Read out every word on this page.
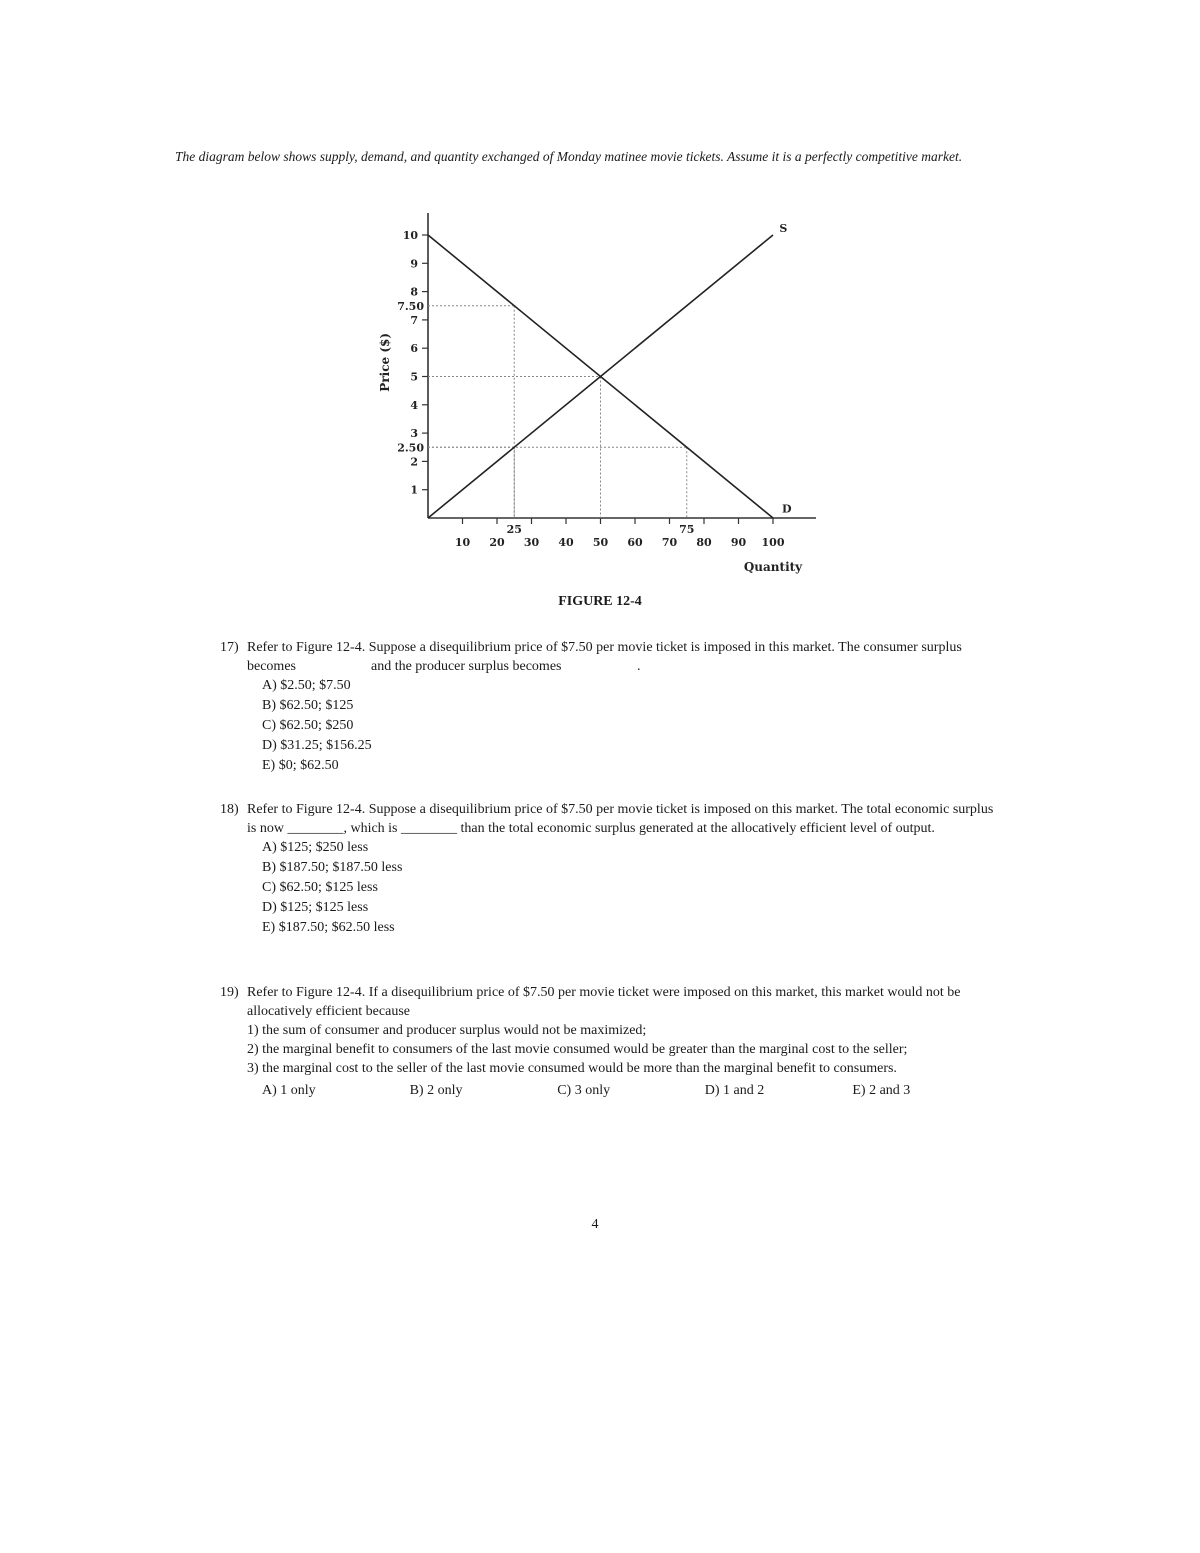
The diagram below shows supply, demand, and quantity exchanged of Monday matinee movie tickets. Assume it is a perfectly competitive market.
S
D
1
2
3
4
5
6
7
8
9
10
2.50
7.50
10 20 30 40 50 60 70 80 90 100
25	75
Quantity
Price ($)
FIGURE 12-4
17) Refer to Figure 12-4. Suppose a disequilibrium price of $7.50 per movie ticket is imposed in this market. The consumer surplus becomes	and the producer surplus becomes	.
A) $2.50; $7.50
B) $62.50; $125
C) $62.50; $250
D) $31.25; $156.25
E) $0; $62.50
18) Refer to Figure 12-4. Suppose a disequilibrium price of $7.50 per movie ticket is imposed on this market. The total economic surplus is now ________, which is ________ than the total economic surplus generated at the allocatively efficient level of output.
A) $125; $250 less
B) $187.50; $187.50 less
C) $62.50; $125 less
D) $125; $125 less
E) $187.50; $62.50 less
19) Refer to Figure 12-4. If a disequilibrium price of $7.50 per movie ticket were imposed on this market, this market would not be allocatively efficient because
1) the sum of consumer and producer surplus would not be maximized;
2) the marginal benefit to consumers of the last movie consumed would be greater than the marginal cost to the seller;
3) the marginal cost to the seller of the last movie consumed would be more than the marginal benefit to consumers.
A) 1 only	B) 2 only	C) 3 only	D) 1 and 2	E) 2 and 3
4
